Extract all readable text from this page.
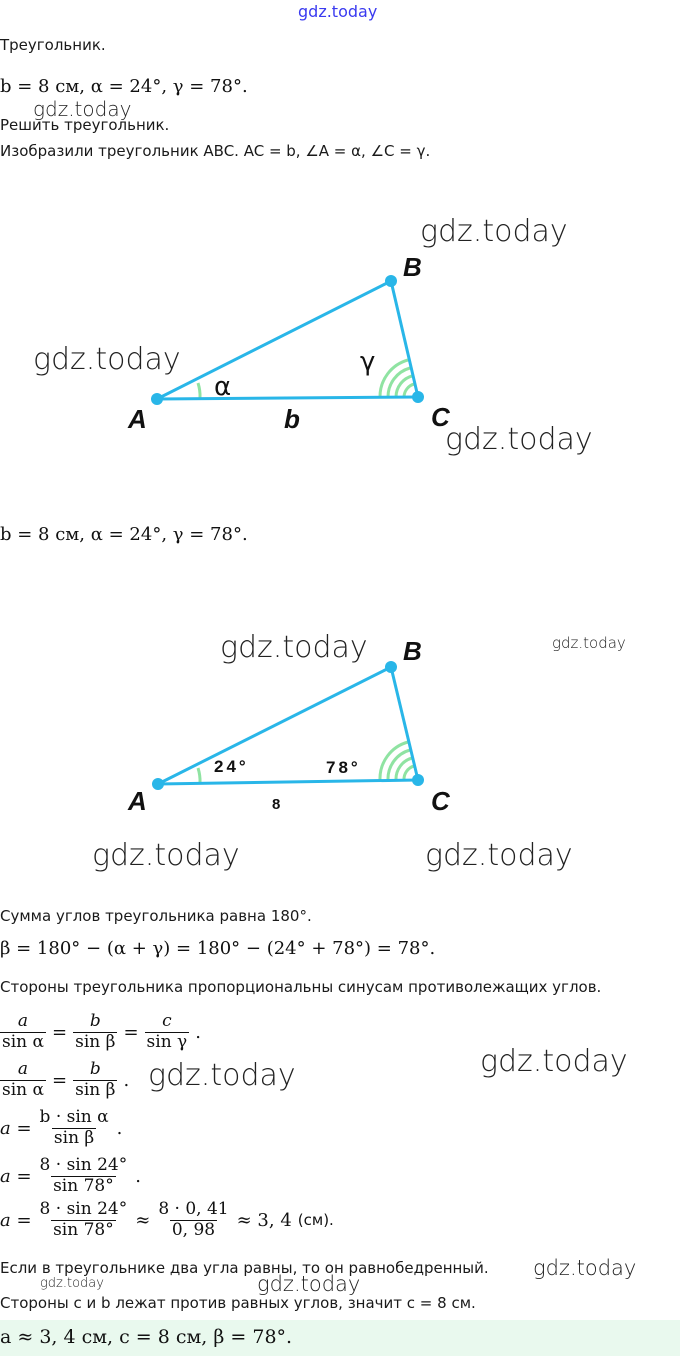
gdz.today
Треугольник.
b = 8 см, α = 24°, γ = 78°.
gdz.today
Решить треугольник.
Изобразили треугольник ABC. AC = b, ∠A = α, ∠C = γ.
A
B
C
b
α
γ
gdz.today
gdz.today
gdz.today
b = 8 см, α = 24°, γ = 78°.
A
B
C
24°	78°
8
gdz.today	gdz.today
gdz.today	gdz.today
Сумма углов треугольника равна 180°.
β = 180° − (α + γ) = 180° − (24° + 78°) = 78°.
Стороны треугольника пропорциональны синусам противолежащих углов.
$\frac{a}{\text{sin α}} = \frac{b}{\text{sin β}} = \frac{c}{\text{sin γ}}$ .
$\frac{a}{\text{sin α}} = \frac{b}{\text{sin β}}$ . gdz.today	gdz.today
$a = \frac{\text{b · sin α}}{\text{sin β}}$ .
$a = \frac{8 \cdot \sin 24^\circ}{\sin 78^\circ}$ .
$a = \frac{8 \cdot \sin 24^\circ}{\sin 78^\circ} \approx \frac{8 \cdot 0, 41}{0, 98} \approx 3$, 4 (см).
Если в треугольнике два угла равны, то он равнобедренный. gdz.today
gdz.today	gdz.today
Стороны c и b лежат против равных углов, значит c = 8 см.
a ≈ 3, 4 см, c = 8 см, β = 78°.
